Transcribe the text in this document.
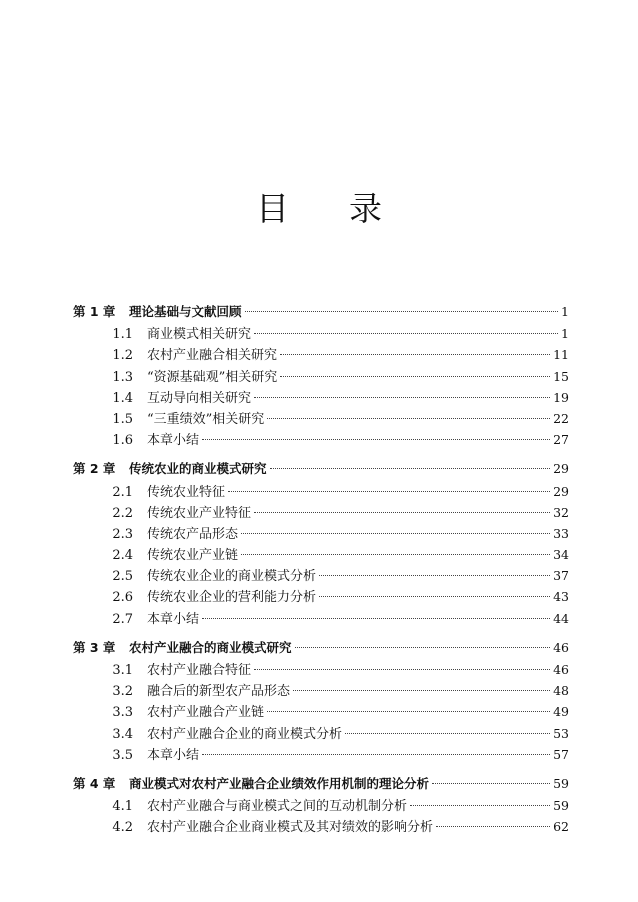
目 录
第 1 章	理论基础与文献回顾	1
1.1	商业模式相关研究	1
1.2	农村产业融合相关研究	11
1.3	“资源基础观”相关研究	15
1.4	互动导向相关研究	19
1.5	“三重绩效”相关研究	22
1.6	本章小结	27
第 2 章	传统农业的商业模式研究	29
2.1	传统农业特征	29
2.2	传统农业产业特征	32
2.3	传统农产品形态	33
2.4	传统农业产业链	34
2.5	传统农业企业的商业模式分析	37
2.6	传统农业企业的营利能力分析	43
2.7	本章小结	44
第 3 章	农村产业融合的商业模式研究	46
3.1	农村产业融合特征	46
3.2	融合后的新型农产品形态	48
3.3	农村产业融合产业链	49
3.4	农村产业融合企业的商业模式分析	53
3.5	本章小结	57
第 4 章	商业模式对农村产业融合企业绩效作用机制的理论分析	59
4.1	农村产业融合与商业模式之间的互动机制分析	59
4.2	农村产业融合企业商业模式及其对绩效的影响分析	62
